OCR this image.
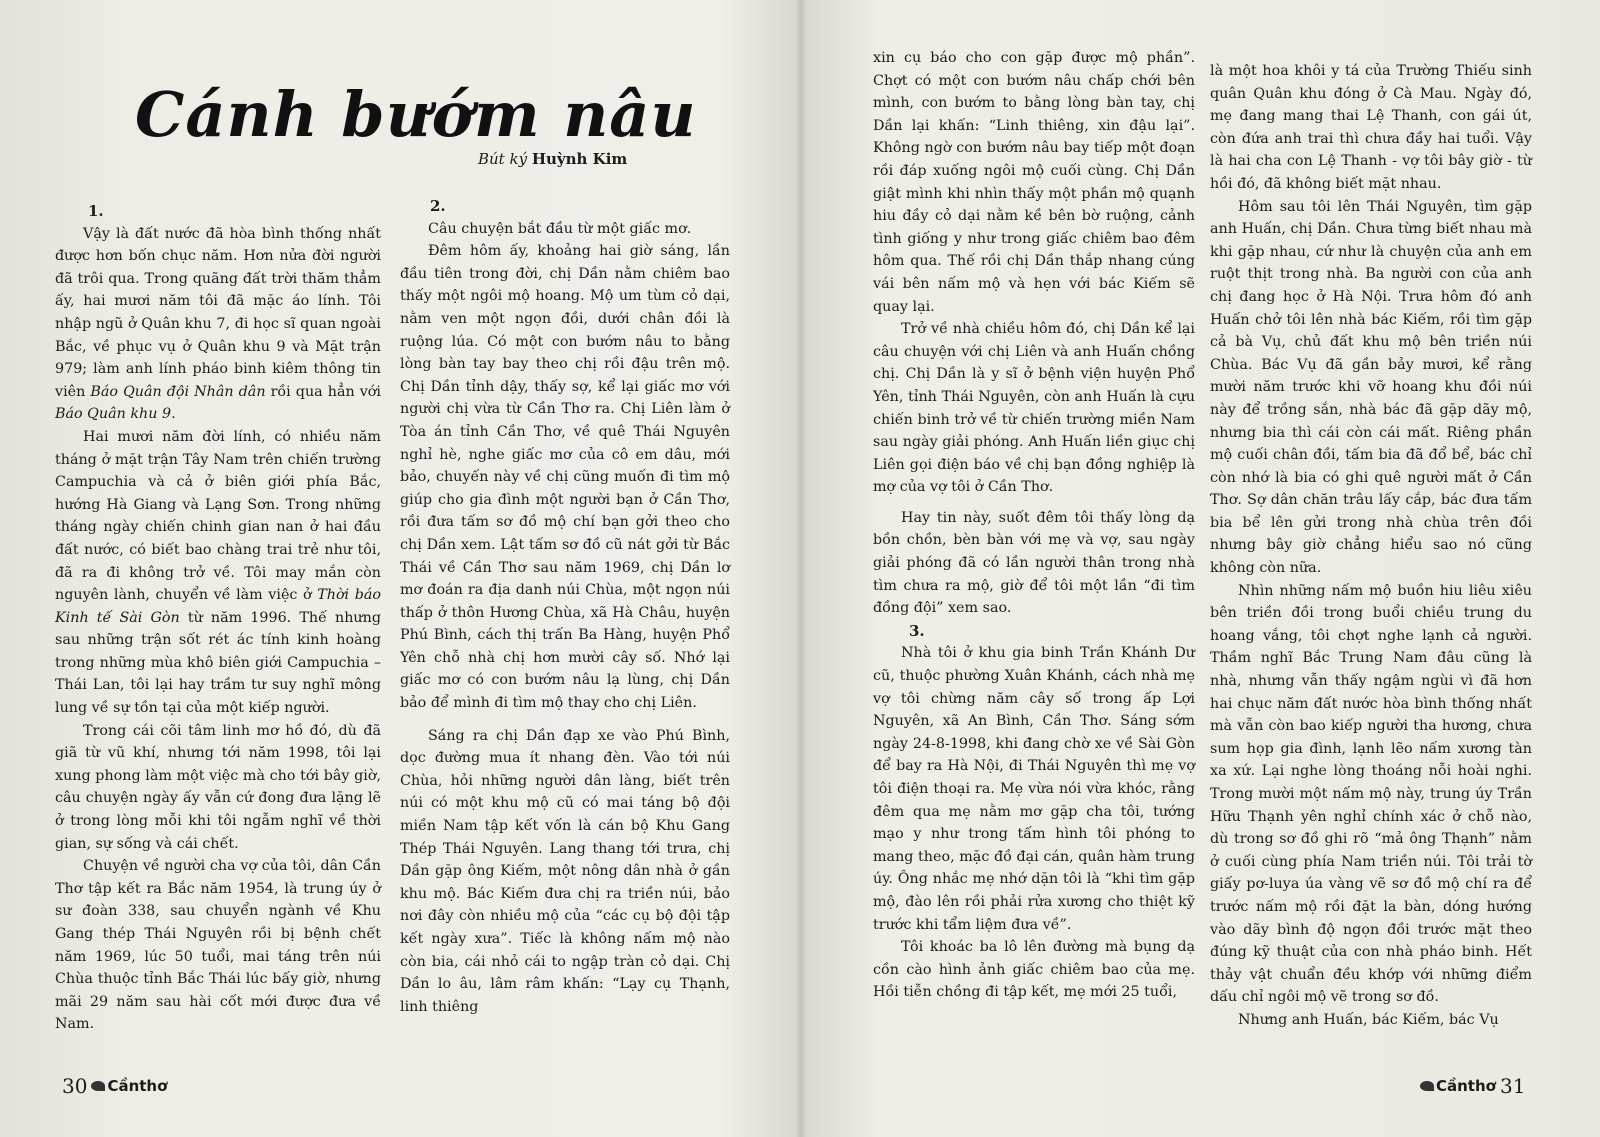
Cánh bướm nâu
Bút ký Huỳnh Kim
1.

Vậy là đất nước đã hòa bình thống nhất được hơn bốn chục năm. Hơn nửa đời người đã trôi qua. Trong quãng đất trời thăm thẳm ấy, hai mươi năm tôi đã mặc áo lính. Tôi nhập ngũ ở Quân khu 7, đi học sĩ quan ngoài Bắc, về phục vụ ở Quân khu 9 và Mặt trận 979; làm anh lính pháo binh kiêm thông tin viên Báo Quân đội Nhân dân rồi qua hẳn với Báo Quân khu 9.

Hai mươi năm đời lính, có nhiều năm tháng ở mặt trận Tây Nam trên chiến trường Campuchia và cả ở biên giới phía Bắc, hướng Hà Giang và Lạng Sơn. Trong những tháng ngày chiến chinh gian nan ở hai đầu đất nước, có biết bao chàng trai trẻ như tôi, đã ra đi không trở về. Tôi may mắn còn nguyên lành, chuyển về làm việc ở Thời báo Kinh tế Sài Gòn từ năm 1996. Thế nhưng sau những trận sốt rét ác tính kinh hoàng trong những mùa khô biên giới Campuchia – Thái Lan, tôi lại hay trầm tư suy nghĩ mông lung về sự tồn tại của một kiếp người.

Trong cái cõi tâm linh mơ hồ đó, dù đã giã từ vũ khí, nhưng tới năm 1998, tôi lại xung phong làm một việc mà cho tới bây giờ, câu chuyện ngày ấy vẫn cứ đong đưa lặng lẽ ở trong lòng mỗi khi tôi ngẫm nghĩ về thời gian, sự sống và cái chết.

Chuyện về người cha vợ của tôi, dân Cần Thơ tập kết ra Bắc năm 1954, là trung úy ở sư đoàn 338, sau chuyển ngành về Khu Gang thép Thái Nguyên rồi bị bệnh chết năm 1969, lúc 50 tuổi, mai táng trên núi Chùa thuộc tỉnh Bắc Thái lúc bấy giờ, nhưng mãi 29 năm sau hài cốt mới được đưa về Nam.

2.

Câu chuyện bắt đầu từ một giấc mơ.

Đêm hôm ấy, khoảng hai giờ sáng, lần đầu tiên trong đời, chị Dần nằm chiêm bao thấy một ngôi mộ hoang. Mộ um tùm cỏ dại, nằm ven một ngọn đồi, dưới chân đồi là ruộng lúa. Có một con bướm nâu to bằng lòng bàn tay bay theo chị rồi đậu trên mộ. Chị Dần tỉnh dậy, thấy sợ, kể lại giấc mơ với người chị vừa từ Cần Thơ ra. Chị Liên làm ở Tòa án tỉnh Cần Thơ, về quê Thái Nguyên nghỉ hè, nghe giấc mơ của cô em dâu, mới bảo, chuyến này về chị cũng muốn đi tìm mộ giúp cho gia đình một người bạn ở Cần Thơ, rồi đưa tấm sơ đồ mộ chí bạn gởi theo cho chị Dần xem. Lật tấm sơ đồ cũ nát gởi từ Bắc Thái về Cần Thơ sau năm 1969, chị Dần lơ mơ đoán ra địa danh núi Chùa, một ngọn núi thấp ở thôn Hương Chùa, xã Hà Châu, huyện Phú Bình, cách thị trấn Ba Hàng, huyện Phổ Yên chỗ nhà chị hơn mười cây số. Nhớ lại giấc mơ có con bướm nâu lạ lùng, chị Dần bảo để mình đi tìm mộ thay cho chị Liên.

Sáng ra chị Dần đạp xe vào Phú Bình, dọc đường mua ít nhang đèn. Vào tới núi Chùa, hỏi những người dân làng, biết trên núi có một khu mộ cũ có mai táng bộ đội miền Nam tập kết vốn là cán bộ Khu Gang Thép Thái Nguyên. Lang thang tới trưa, chị Dần gặp ông Kiếm, một nông dân nhà ở gần khu mộ. Bác Kiếm đưa chị ra triền núi, bảo nơi đây còn nhiều mộ của “các cụ bộ đội tập kết ngày xưa”. Tiếc là không nấm mộ nào còn bia, cái nhỏ cái to ngập tràn cỏ dại. Chị Dần lo âu, lâm râm khấn: “Lạy cụ Thạnh, linh thiêng

xin cụ báo cho con gặp được mộ phần”. Chợt có một con bướm nâu chấp chới bên mình, con bướm to bằng lòng bàn tay, chị Dần lại khấn: “Linh thiêng, xin đậu lại”. Không ngờ con bướm nâu bay tiếp một đoạn rồi đáp xuống ngôi mộ cuối cùng. Chị Dần giật mình khi nhìn thấy một phần mộ quạnh hiu đầy cỏ dại nằm kề bên bờ ruộng, cảnh tình giống y như trong giấc chiêm bao đêm hôm qua. Thế rồi chị Dần thắp nhang cúng vái bên nấm mộ và hẹn với bác Kiếm sẽ quay lại.

Trở về nhà chiều hôm đó, chị Dần kể lại câu chuyện với chị Liên và anh Huấn chồng chị. Chị Dần là y sĩ ở bệnh viện huyện Phổ Yên, tỉnh Thái Nguyên, còn anh Huấn là cựu chiến binh trở về từ chiến trường miền Nam sau ngày giải phóng. Anh Huấn liền giục chị Liên gọi điện báo về chị bạn đồng nghiệp là mợ của vợ tôi ở Cần Thơ.

Hay tin này, suốt đêm tôi thấy lòng dạ bồn chồn, bèn bàn với mẹ và vợ, sau ngày giải phóng đã có lần người thân trong nhà tìm chưa ra mộ, giờ để tôi một lần “đi tìm đồng đội” xem sao.

3.

Nhà tôi ở khu gia binh Trần Khánh Dư cũ, thuộc phường Xuân Khánh, cách nhà mẹ vợ tôi chừng năm cây số trong ấp Lợi Nguyên, xã An Bình, Cần Thơ. Sáng sớm ngày 24-8-1998, khi đang chờ xe về Sài Gòn để bay ra Hà Nội, đi Thái Nguyên thì mẹ vợ tôi điện thoại ra. Mẹ vừa nói vừa khóc, rằng đêm qua mẹ nằm mơ gặp cha tôi, tướng mạo y như trong tấm hình tôi phóng to mang theo, mặc đồ đại cán, quân hàm trung úy. Ông nhắc mẹ nhớ dặn tôi là “khi tìm gặp mộ, đào lên rồi phải rửa xương cho thiệt kỹ trước khi tẩm liệm đưa về”.

Tôi khoác ba lô lên đường mà bụng dạ cồn cào hình ảnh giấc chiêm bao của mẹ. Hồi tiễn chồng đi tập kết, mẹ mới 25 tuổi,

là một hoa khôi y tá của Trường Thiếu sinh quân Quân khu đóng ở Cà Mau. Ngày đó, mẹ đang mang thai Lệ Thanh, con gái út, còn đứa anh trai thì chưa đầy hai tuổi. Vậy là hai cha con Lệ Thanh - vợ tôi bây giờ - từ hồi đó, đã không biết mặt nhau.

Hôm sau tôi lên Thái Nguyên, tìm gặp anh Huấn, chị Dần. Chưa từng biết nhau mà khi gặp nhau, cứ như là chuyện của anh em ruột thịt trong nhà. Ba người con của anh chị đang học ở Hà Nội. Trưa hôm đó anh Huấn chở tôi lên nhà bác Kiếm, rồi tìm gặp cả bà Vụ, chủ đất khu mộ bên triền núi Chùa. Bác Vụ đã gần bảy mươi, kể rằng mười năm trước khi vỡ hoang khu đồi núi này để trồng sắn, nhà bác đã gặp dãy mộ, nhưng bia thì cái còn cái mất. Riêng phần mộ cuối chân đồi, tấm bia đã đổ bể, bác chỉ còn nhớ là bia có ghi quê người mất ở Cần Thơ. Sợ dân chăn trâu lấy cắp, bác đưa tấm bia bể lên gửi trong nhà chùa trên đồi nhưng bây giờ chẳng hiểu sao nó cũng không còn nữa.

Nhìn những nấm mộ buồn hiu liêu xiêu bên triền đồi trong buổi chiều trung du hoang vắng, tôi chợt nghe lạnh cả người. Thầm nghĩ Bắc Trung Nam đâu cũng là nhà, nhưng vẫn thấy ngậm ngùi vì đã hơn hai chục năm đất nước hòa bình thống nhất mà vẫn còn bao kiếp người tha hương, chưa sum họp gia đình, lạnh lẽo nấm xương tàn xa xứ. Lại nghe lòng thoáng nỗi hoài nghi. Trong mười một nấm mộ này, trung úy Trần Hữu Thạnh yên nghỉ chính xác ở chỗ nào, dù trong sơ đồ ghi rõ “mả ông Thạnh” nằm ở cuối cùng phía Nam triền núi. Tôi trải tờ giấy pơ-luya úa vàng vẽ sơ đồ mộ chí ra để trước nấm mộ rồi đặt la bàn, dóng hướng vào dãy bình độ ngọn đồi trước mặt theo đúng kỹ thuật của con nhà pháo binh. Hết thảy vật chuẩn đều khớp với những điểm dấu chỉ ngôi mộ vẽ trong sơ đồ.

Nhưng anh Huấn, bác Kiếm, bác Vụ

30 Cầnthơ	Cầnthơ 31
